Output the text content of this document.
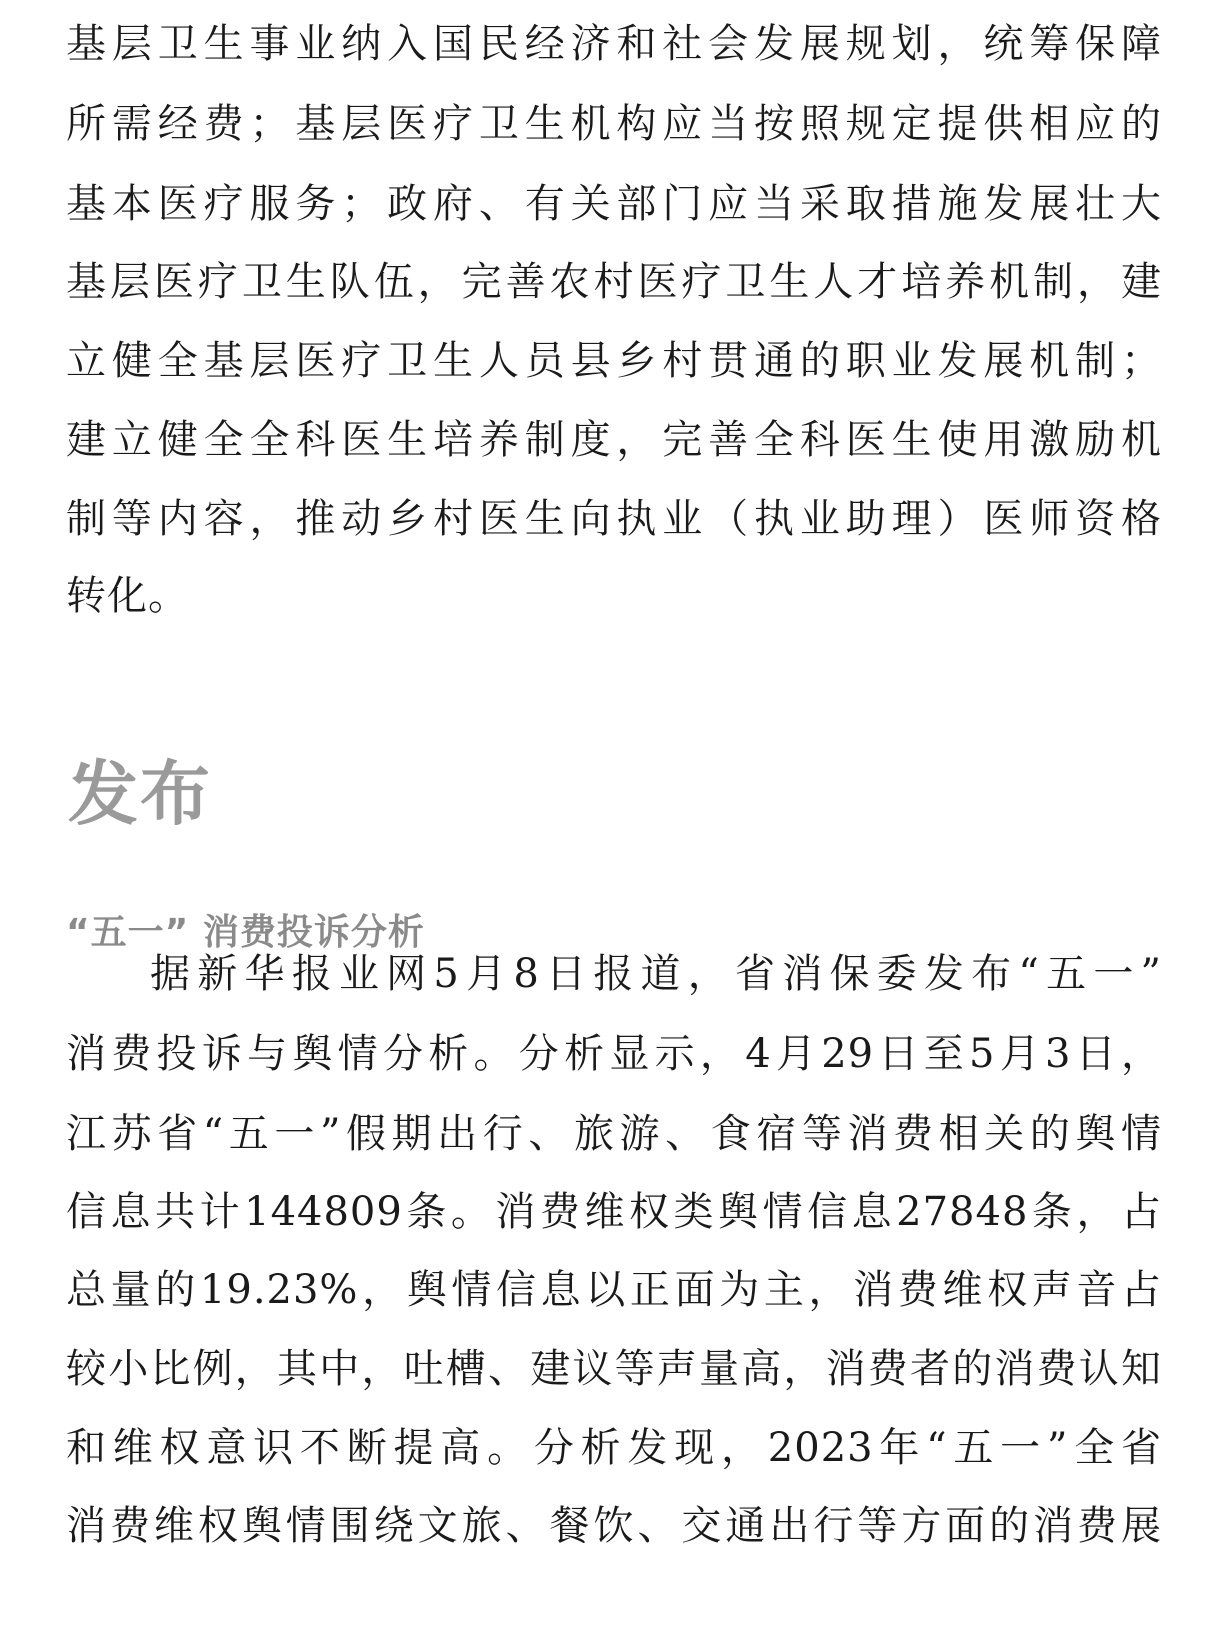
基层卫生事业纳入国民经济和社会发展规划，统筹保障
所需经费；基层医疗卫生机构应当按照规定提供相应的
基本医疗服务；政府、有关部门应当采取措施发展壮大
基层医疗卫生队伍，完善农村医疗卫生人才培养机制，建
立健全基层医疗卫生人员县乡村贯通的职业发展机制；
建立健全全科医生培养制度，完善全科医生使用激励机
制等内容，推动乡村医生向执业（执业助理）医师资格
转化。
发布
“五一” 消费投诉分析
据新华报业网5月8日报道，省消保委发布“五一”
消费投诉与舆情分析。分析显示，4月29日至5月3日，
江苏省“五一”假期出行、旅游、食宿等消费相关的舆情
信息共计144809条。消费维权类舆情信息27848条，占
总量的19.23%，舆情信息以正面为主，消费维权声音占
较小比例，其中，吐槽、建议等声量高，消费者的消费认知
和维权意识不断提高。分析发现，2023年“五一”全省
消费维权舆情围绕文旅、餐饮、交通出行等方面的消费展
